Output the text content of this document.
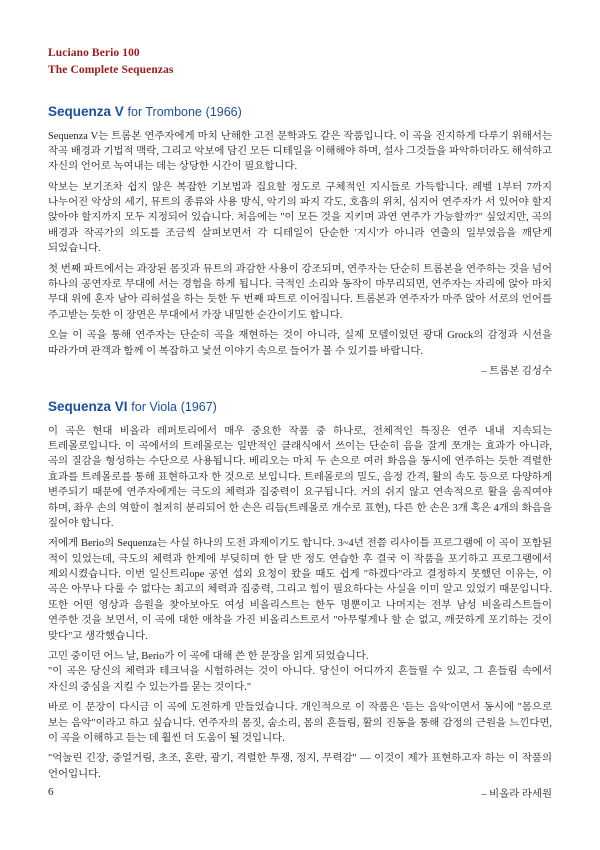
Luciano Berio 100
The Complete Sequenzas
Sequenza V for Trombone (1966)

Sequenza V는 트롬본 연주자에게 마치 난해한 고전 문학과도 같은 작품입니다. 이 곡을 진지하게 다루기 위해서는 작곡 배경과 기법적 맥락, 그리고 악보에 담긴 모든 디테일을 이해해야 하며, 설사 그것들을 파악하더라도 해석하고 자신의 언어로 녹여내는 데는 상당한 시간이 필요합니다.

악보는 보기조차 쉽지 않은 복잡한 기보법과 집요할 정도로 구체적인 지시들로 가득합니다. 레벨 1부터 7까지 나누어진 악상의 세기, 뮤트의 종류와 사용 방식, 악기의 파지 각도, 호흡의 위치, 심지어 연주자가 서 있어야 할지 앉아야 할지까지 모두 지정되어 있습니다. 처음에는 "이 모든 것을 지키며 과연 연주가 가능할까?" 싶었지만, 곡의 배경과 작곡가의 의도를 조금씩 살펴보면서 각 디테일이 단순한 '지시'가 아니라 연출의 일부였음을 깨닫게 되었습니다.

첫 번째 파트에서는 과장된 몸짓과 뮤트의 과감한 사용이 강조되며, 연주자는 단순히 트롬본을 연주하는 것을 넘어 하나의 공연자로 무대에 서는 경험을 하게 됩니다. 극적인 소리와 동작이 마무리되면, 연주자는 자리에 앉아 마치 무대 위에 혼자 남아 리허설을 하는 듯한 두 번째 파트로 이어집니다. 트롬본과 연주자가 마주 앉아 서로의 언어를 주고받는 듯한 이 장면은 무대에서 가장 내밀한 순간이기도 합니다.

오늘 이 곡을 통해 연주자는 단순히 곡을 재현하는 것이 아니라, 실제 모델이었던 광대 Grock의 감정과 시선을 따라가며 관객과 함께 이 복잡하고 낯선 이야기 속으로 들어가 볼 수 있기를 바랍니다.

– 트롬본 김성수

Sequenza VI for Viola (1967)

이 곡은 현대 비올라 레퍼토리에서 매우 중요한 작품 중 하나로, 전체적인 특징은 연주 내내 지속되는 트레몰로입니다. 이 곡에서의 트레몰로는 일반적인 클래식에서 쓰이는 단순히 음을 잘게 쪼개는 효과가 아니라, 곡의 질감을 형성하는 수단으로 사용됩니다. 베리오는 마치 두 손으로 여러 화음을 동시에 연주하는 듯한 격렬한 효과를 트레몰로를 통해 표현하고자 한 것으로 보입니다. 트레몰로의 밀도, 음정 간격, 활의 속도 등으로 다양하게 변주되기 때문에 연주자에게는 극도의 체력과 집중력이 요구됩니다. 거의 쉬지 않고 연속적으로 활을 움직여야 하며, 좌우 손의 역할이 철저히 분리되어 한 손은 리듬(트레몰로 개수로 표현), 다른 한 손은 3개 혹은 4개의 화음을 짚어야 합니다.

저에게 Berio의 Sequenza는 사실 하나의 도전 과제이기도 합니다. 3~4년 전쯤 리사이틀 프로그램에 이 곡이 포함된 적이 있었는데, 극도의 체력과 한계에 부딪히며 한 달 반 정도 연습한 후 결국 이 작품을 포기하고 프로그램에서 제외시켰습니다. 이번 일신트리оре 공연 섭외 요청이 왔을 때도 쉽게 "하겠다"라고 결정하지 못했던 이유는, 이 곡은 아무나 다룰 수 없다는 최고의 체력과 집중력, 그리고 힘이 필요하다는 사실을 이미 알고 있었기 때문입니다. 또한 어떤 영상과 음원을 찾아보아도 여성 비올리스트는 한두 명뿐이고 나머지는 전부 남성 비올리스트들이 연주한 것을 보면서, 이 곡에 대한 애착을 가진 비올리스트로서 "아무렇게나 할 순 없고, 깨끗하게 포기하는 것이 맞다"고 생각했습니다.

고민 중이던 어느 날, Berio가 이 곡에 대해 쓴 한 문장을 읽게 되었습니다.

"이 곡은 당신의 체력과 테크닉을 시험하려는 것이 아니다. 당신이 어디까지 흔들릴 수 있고, 그 흔들림 속에서 자신의 중심을 지킬 수 있는가를 묻는 것이다."

바로 이 문장이 다시금 이 곡에 도전하게 만들었습니다. 개인적으로 이 작품은 '듣는 음악'이면서 동시에 "몸으로 보는 음악"이라고 하고 싶습니다. 연주자의 몸짓, 숨소리, 몸의 흔들림, 활의 진동을 통해 감정의 근원을 느낀다면, 이 곡을 이해하고 듣는 데 훨씬 더 도움이 될 것입니다.

"억눌린 긴장, 중얼거림, 초조, 혼란, 광기, 격렬한 투쟁, 정지, 무력감" — 이것이 제가 표현하고자 하는 이 작품의 언어입니다.

– 비올라 라세원

6
